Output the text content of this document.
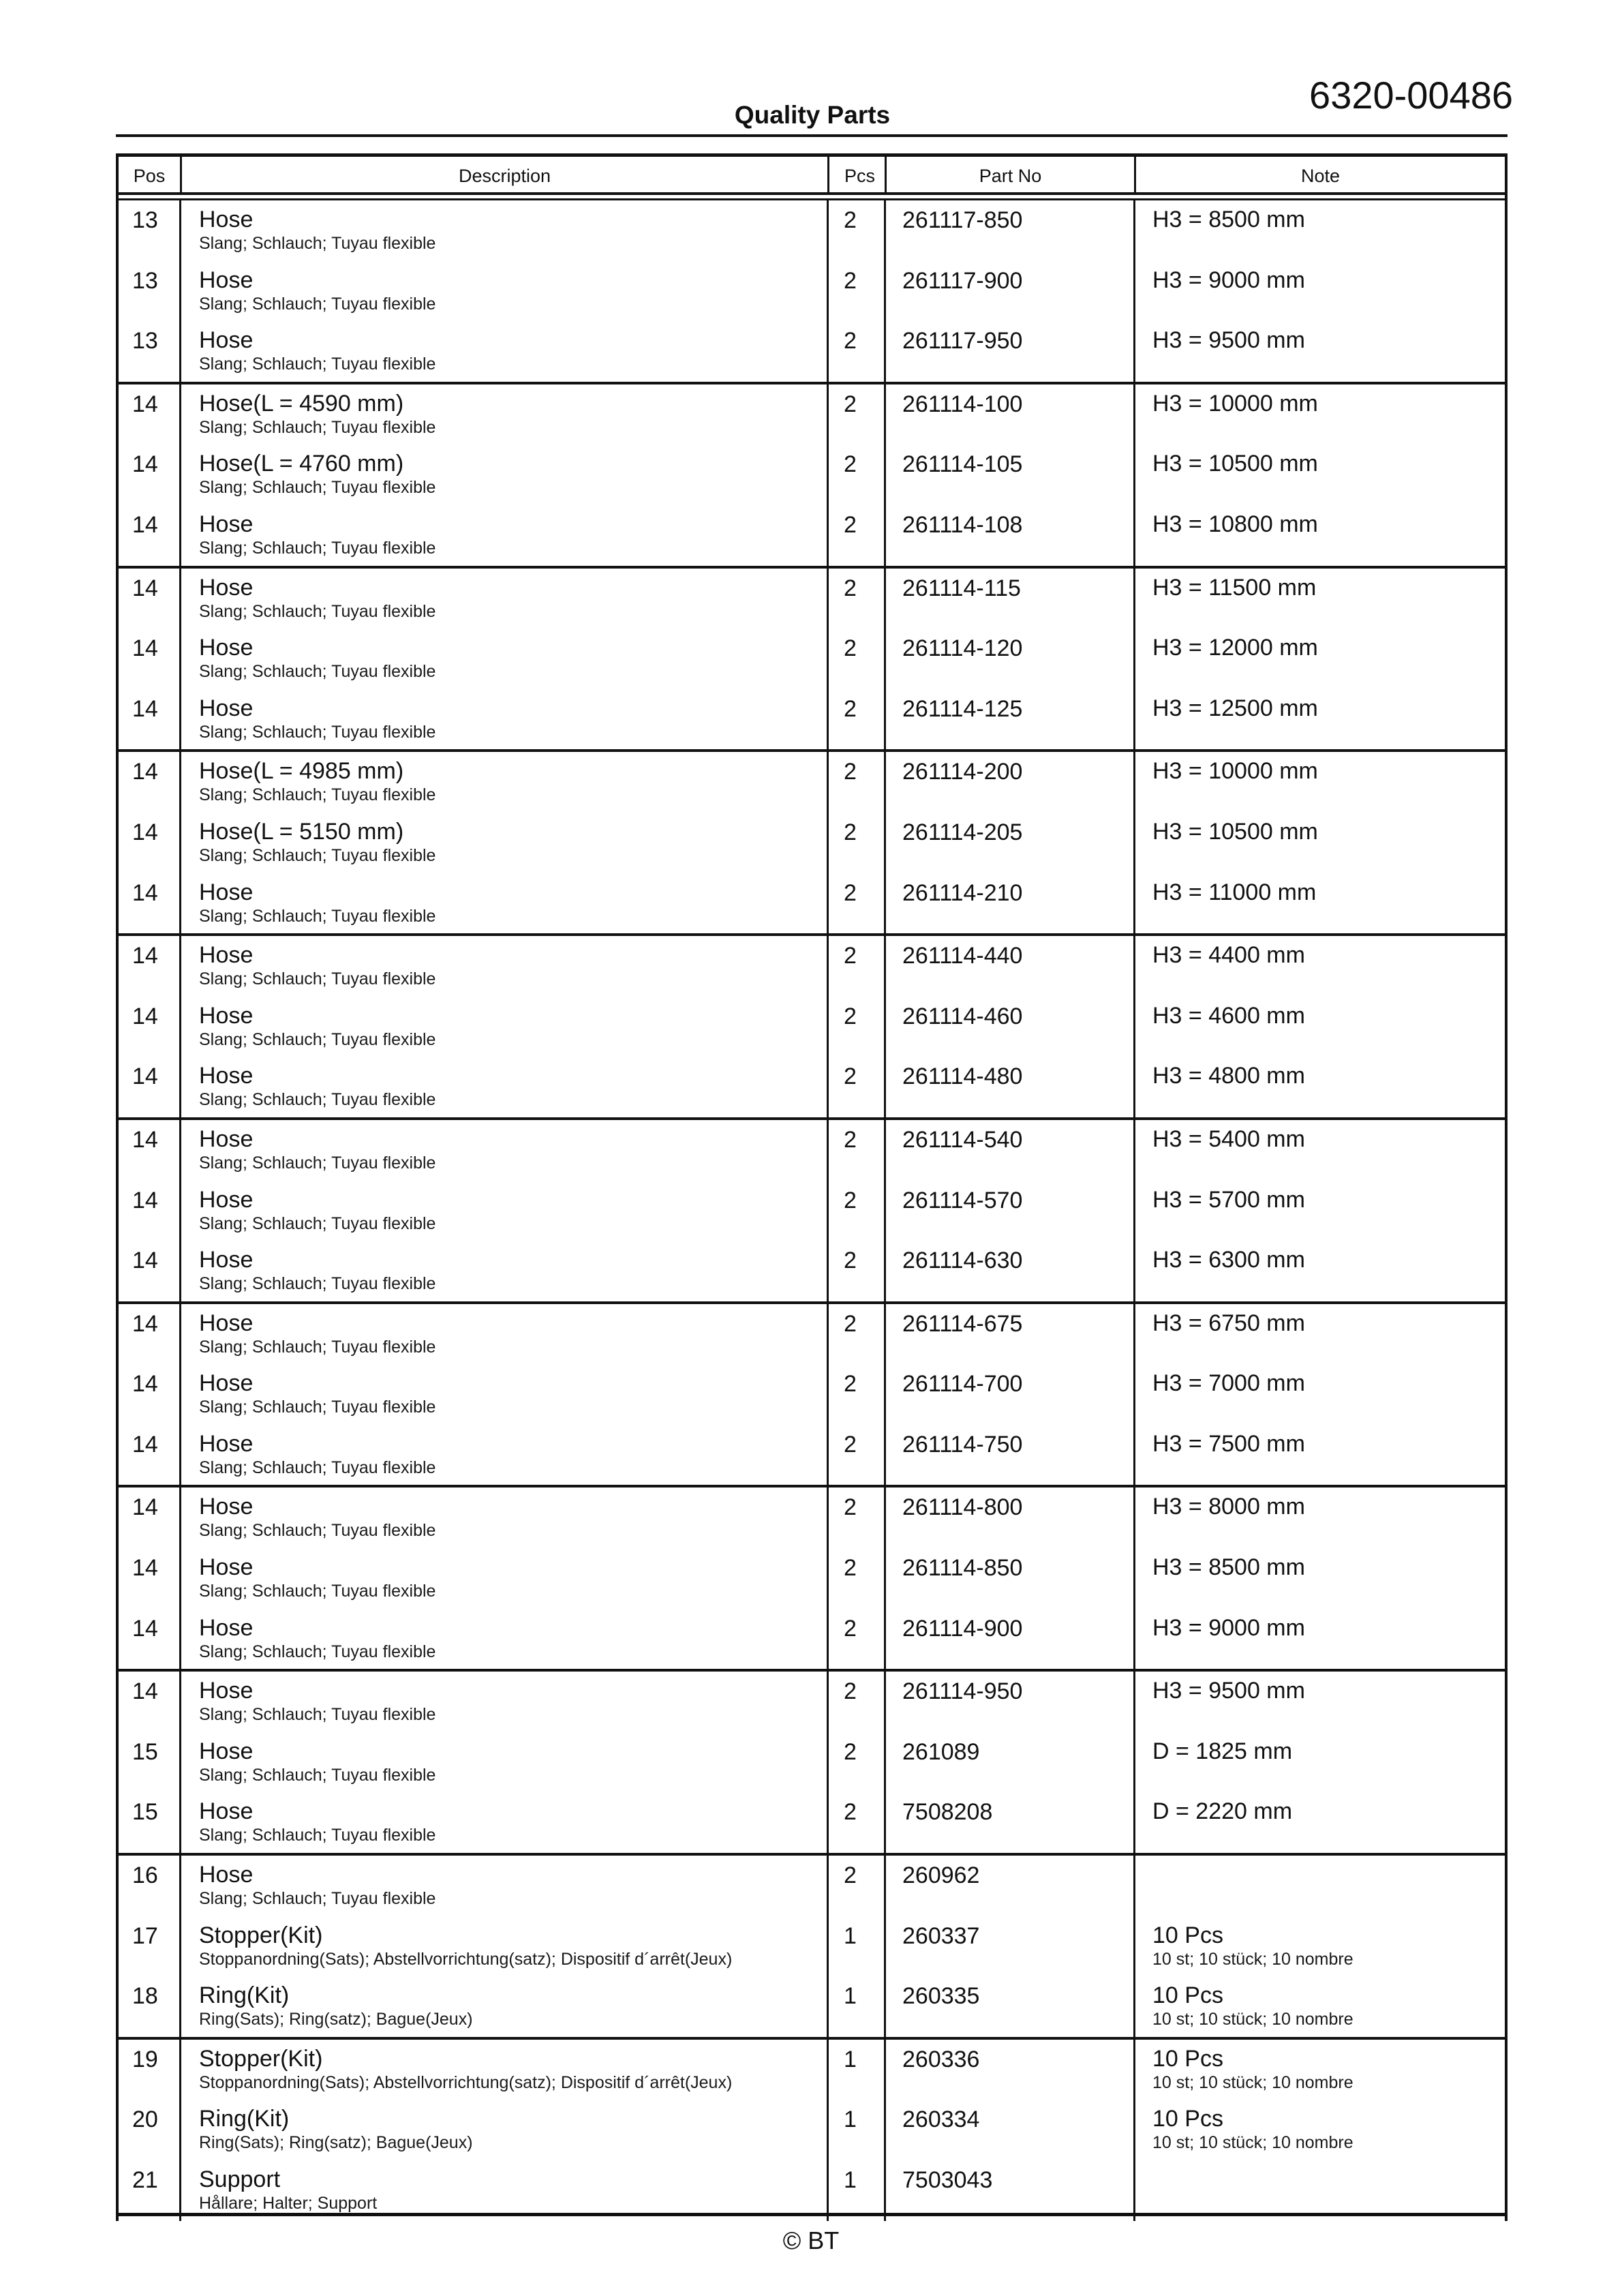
6320-00486
Quality Parts
Pos	Description	Pcs	Part No	Note
13 Hose
Slang; Schlauch; Tuyau flexible
2 261117-850	H3 = 8500 mm
13 Hose
Slang; Schlauch; Tuyau flexible
2 261117-900	H3 = 9000 mm
13 Hose
Slang; Schlauch; Tuyau flexible
2 261117-950	H3 = 9500 mm
14 Hose(L = 4590 mm)
Slang; Schlauch; Tuyau flexible
2 261114-100	H3 = 10000 mm
14 Hose(L = 4760 mm)
Slang; Schlauch; Tuyau flexible
2 261114-105	H3 = 10500 mm
14 Hose
Slang; Schlauch; Tuyau flexible
2 261114-108	H3 = 10800 mm
14 Hose
Slang; Schlauch; Tuyau flexible
2 261114-115	H3 = 11500 mm
14 Hose
Slang; Schlauch; Tuyau flexible
2 261114-120	H3 = 12000 mm
14 Hose
Slang; Schlauch; Tuyau flexible
2 261114-125	H3 = 12500 mm
14 Hose(L = 4985 mm)
Slang; Schlauch; Tuyau flexible
2 261114-200	H3 = 10000 mm
14 Hose(L = 5150 mm)
Slang; Schlauch; Tuyau flexible
2 261114-205	H3 = 10500 mm
14 Hose
Slang; Schlauch; Tuyau flexible
2 261114-210	H3 = 11000 mm
14 Hose
Slang; Schlauch; Tuyau flexible
2 261114-440	H3 = 4400 mm
14 Hose
Slang; Schlauch; Tuyau flexible
2 261114-460	H3 = 4600 mm
14 Hose
Slang; Schlauch; Tuyau flexible
2 261114-480	H3 = 4800 mm
14 Hose
Slang; Schlauch; Tuyau flexible
2 261114-540	H3 = 5400 mm
14 Hose
Slang; Schlauch; Tuyau flexible
2 261114-570	H3 = 5700 mm
14 Hose
Slang; Schlauch; Tuyau flexible
2 261114-630	H3 = 6300 mm
14 Hose
Slang; Schlauch; Tuyau flexible
2 261114-675	H3 = 6750 mm
14 Hose
Slang; Schlauch; Tuyau flexible
2 261114-700	H3 = 7000 mm
14 Hose
Slang; Schlauch; Tuyau flexible
2 261114-750	H3 = 7500 mm
14 Hose
Slang; Schlauch; Tuyau flexible
2 261114-800	H3 = 8000 mm
14 Hose
Slang; Schlauch; Tuyau flexible
2 261114-850	H3 = 8500 mm
14 Hose
Slang; Schlauch; Tuyau flexible
2 261114-900	H3 = 9000 mm
14 Hose
Slang; Schlauch; Tuyau flexible
2 261114-950	H3 = 9500 mm
15 Hose
Slang; Schlauch; Tuyau flexible
2 261089	D = 1825 mm
15 Hose
Slang; Schlauch; Tuyau flexible
2 7508208	D = 2220 mm
16 Hose
Slang; Schlauch; Tuyau flexible
2 260962
17 Stopper(Kit)
Stoppanordning(Sats); Abstellvorrichtung(satz); Dispositif d´arrêt(Jeux)
1 260337	10 Pcs
10 st; 10 stück; 10 nombre
18 Ring(Kit)
Ring(Sats); Ring(satz); Bague(Jeux)
1 260335	10 Pcs
10 st; 10 stück; 10 nombre
19 Stopper(Kit)
Stoppanordning(Sats); Abstellvorrichtung(satz); Dispositif d´arrêt(Jeux)
1 260336	10 Pcs
10 st; 10 stück; 10 nombre
20 Ring(Kit)
Ring(Sats); Ring(satz); Bague(Jeux)
1 260334	10 Pcs
10 st; 10 stück; 10 nombre
21 Support
Hållare; Halter; Support
1 7503043
© BT
